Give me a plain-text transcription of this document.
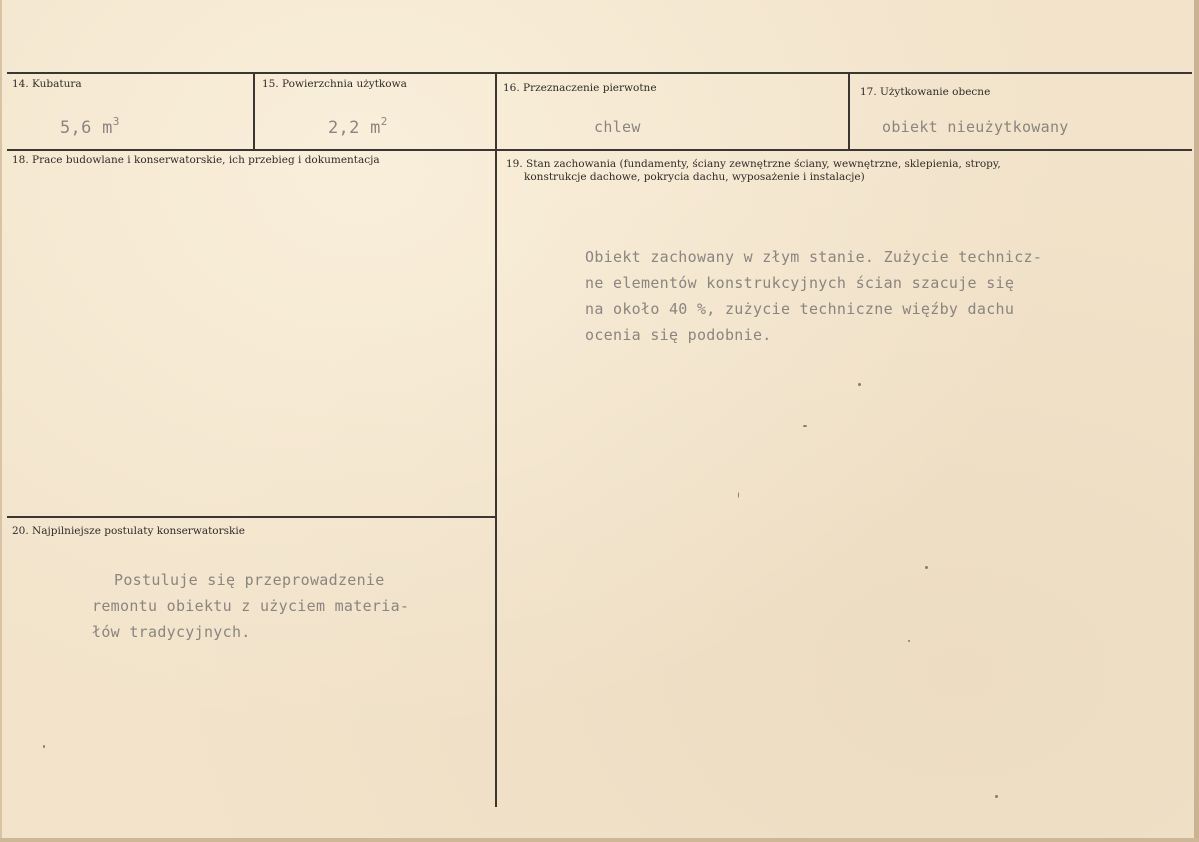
14. Kubatura
5,6 $m^3$
15. Powierzchnia użytkowa
2,2 $m^2$
16. Przeznaczenie pierwotne
chlew
17. Użytkowanie obecne
obiekt nieużytkowany
18. Prace budowlane i konserwatorskie, ich przebieg i dokumentacja	19. Stan zachowania (fundamenty, ściany zewnętrzne ściany, wewnętrzne, sklepienia, stropy,
konstrukcje dachowe, pokrycia dachu, wyposażenie i instalacje)
Obiekt zachowany w złym stanie. Zużycie technicz-
ne elementów konstrukcyjnych ścian szacuje się
na około 40 %, zużycie techniczne więźby dachu
ocenia się podobnie.
20. Najpilniejsze postulaty konserwatorskie
Postuluje się przeprowadzenie
remontu obiektu z użyciem materia-
łów tradycyjnych.
